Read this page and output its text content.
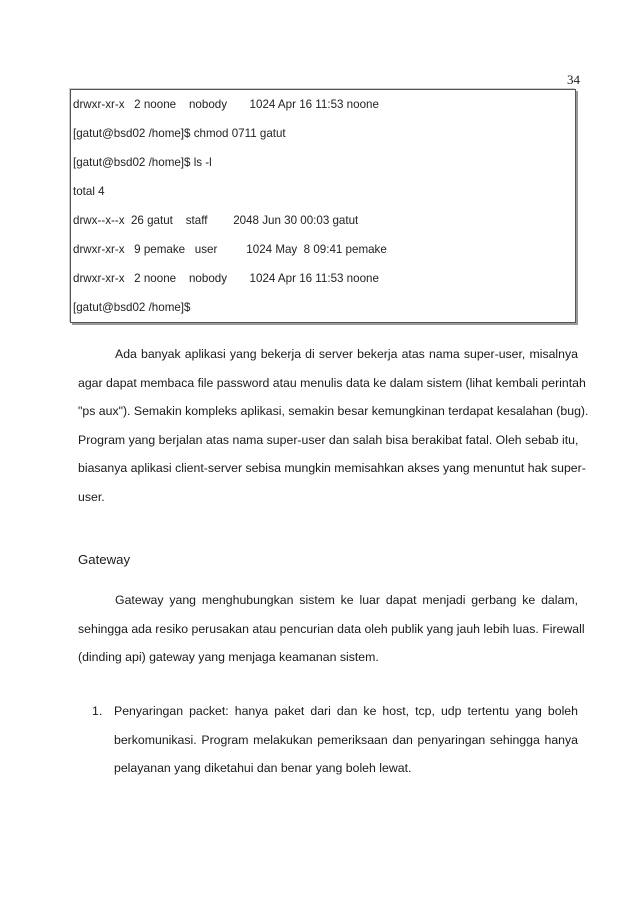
34
drwxr-xr-x   2 noone    nobody       1024 Apr 16 11:53 noone
[gatut@bsd02 /home]$ chmod 0711 gatut
[gatut@bsd02 /home]$ ls -l
total 4
drwx--x--x  26 gatut    staff        2048 Jun 30 00:03 gatut
drwxr-xr-x   9 pemake   user         1024 May  8 09:41 pemake
drwxr-xr-x   2 noone    nobody       1024 Apr 16 11:53 noone
[gatut@bsd02 /home]$
Ada banyak aplikasi yang bekerja di server bekerja atas nama super-user, misalnya
agar dapat membaca file password atau menulis data ke dalam sistem (lihat kembali perintah
"ps aux"). Semakin kompleks aplikasi, semakin besar kemungkinan terdapat kesalahan (bug).
Program yang berjalan atas nama super-user dan salah bisa berakibat fatal. Oleh sebab itu,
biasanya aplikasi client-server sebisa mungkin memisahkan akses yang menuntut hak super-
user.
Gateway
Gateway yang menghubungkan sistem ke luar dapat menjadi gerbang ke dalam,
sehingga ada resiko perusakan atau pencurian data oleh publik yang jauh lebih luas. Firewall
(dinding api) gateway yang menjaga keamanan sistem.
1. Penyaringan packet: hanya paket dari dan ke host, tcp, udp tertentu yang boleh
berkomunikasi. Program melakukan pemeriksaan dan penyaringan sehingga hanya
pelayanan yang diketahui dan benar yang boleh lewat.
